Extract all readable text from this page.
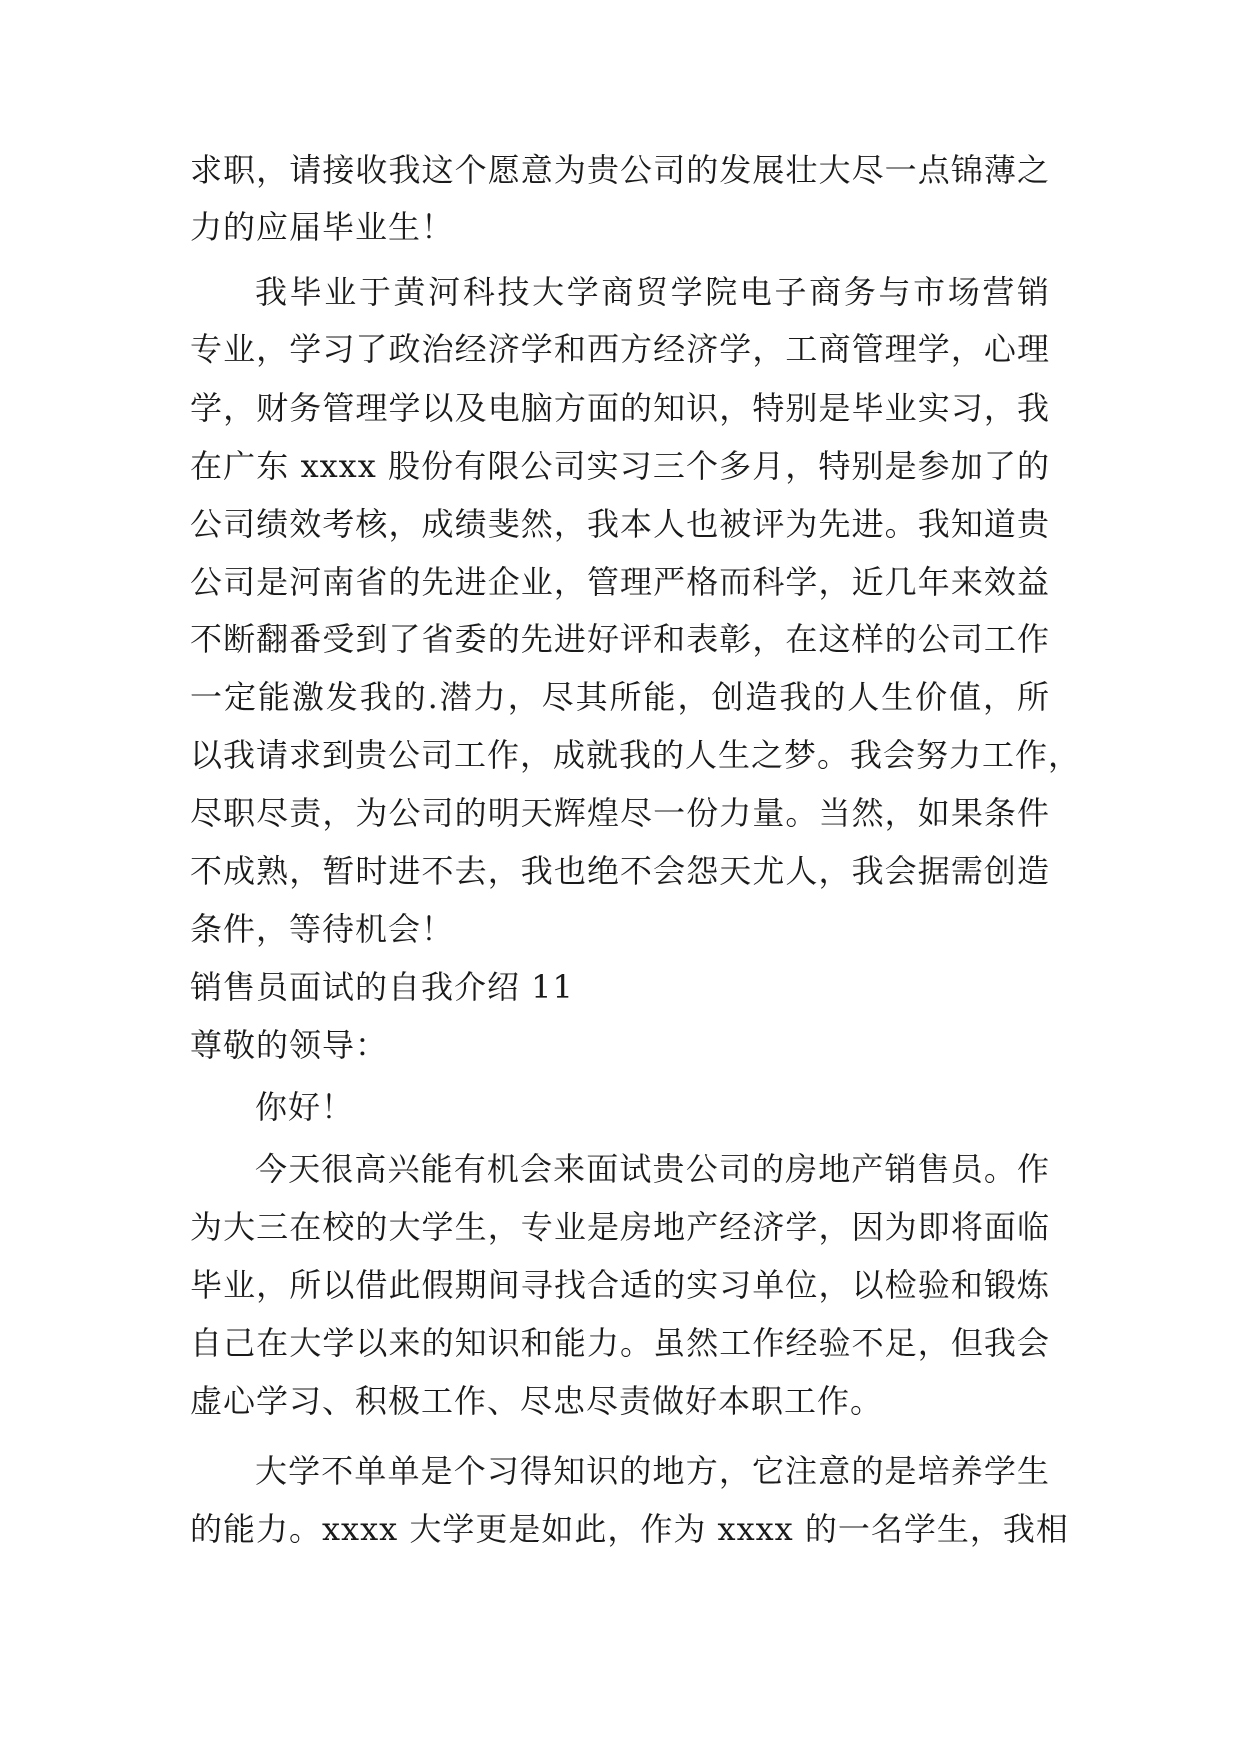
求职，请接收我这个愿意为贵公司的发展壮大尽一点锦薄之
力的应届毕业生！
我毕业于黄河科技大学商贸学院电子商务与市场营销
专业，学习了政治经济学和西方经济学，工商管理学，心理
学，财务管理学以及电脑方面的知识，特别是毕业实习，我
在广东 xxxx 股份有限公司实习三个多月，特别是参加了的
公司绩效考核，成绩斐然，我本人也被评为先进。我知道贵
公司是河南省的先进企业，管理严格而科学，近几年来效益
不断翻番受到了省委的先进好评和表彰，在这样的公司工作
一定能激发我的.潜力，尽其所能，创造我的人生价值，所
以我请求到贵公司工作，成就我的人生之梦。我会努力工作，
尽职尽责，为公司的明天辉煌尽一份力量。当然，如果条件
不成熟，暂时进不去，我也绝不会怨天尤人，我会据需创造
条件，等待机会！
销售员面试的自我介绍 11
尊敬的领导：
你好！
今天很高兴能有机会来面试贵公司的房地产销售员。作
为大三在校的大学生，专业是房地产经济学，因为即将面临
毕业，所以借此假期间寻找合适的实习单位，以检验和锻炼
自己在大学以来的知识和能力。虽然工作经验不足，但我会
虚心学习、积极工作、尽忠尽责做好本职工作。
大学不单单是个习得知识的地方，它注意的是培养学生
的能力。xxxx 大学更是如此，作为 xxxx 的一名学生，我相
